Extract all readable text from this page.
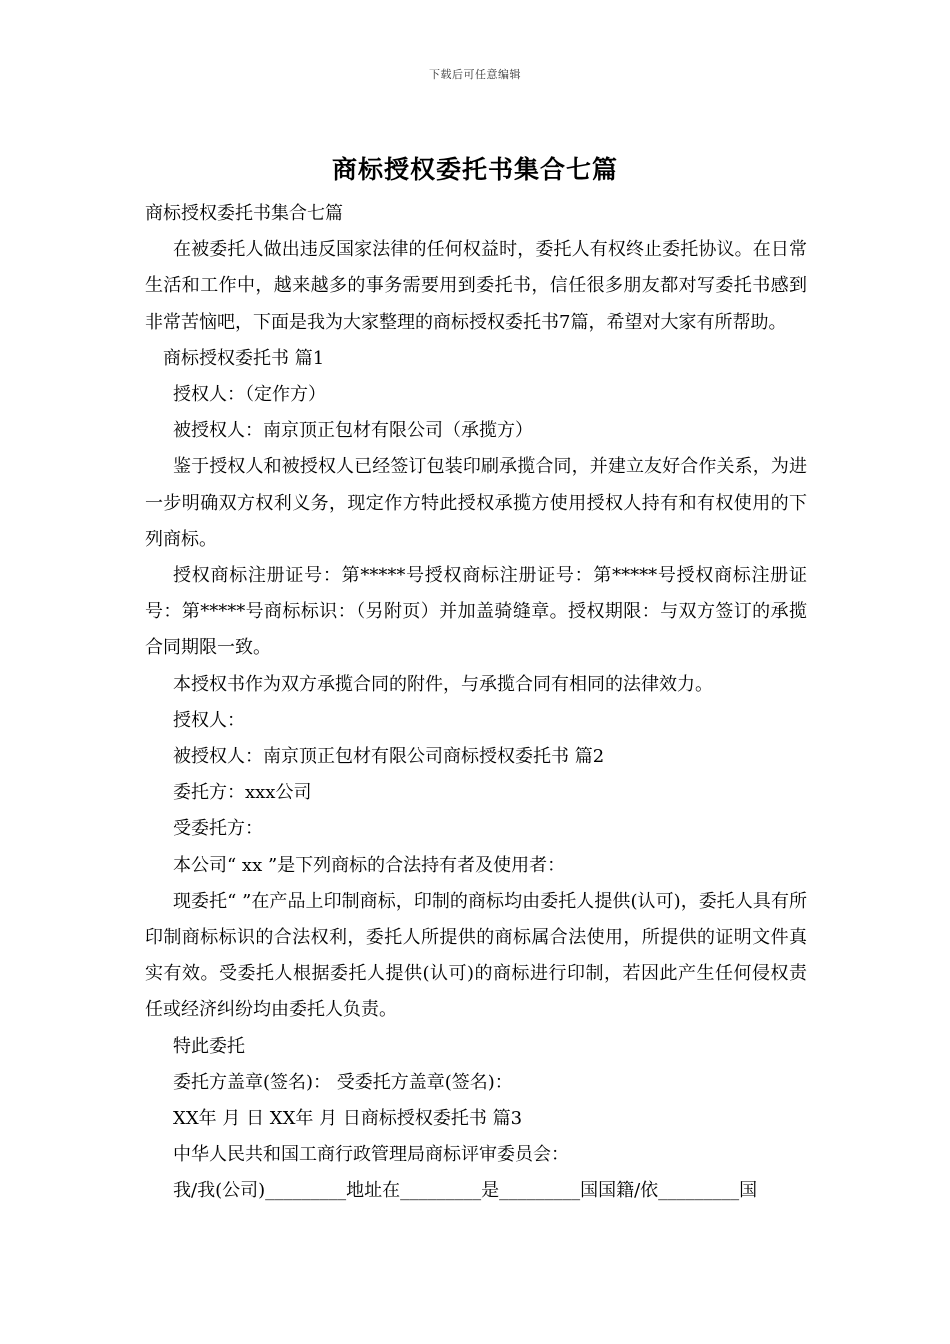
下载后可任意编辑
商标授权委托书集合七篇

商标授权委托书集合七篇

在被委托人做出违反国家法律的任何权益时，委托人有权终止委托协议。在日常生活和工作中，越来越多的事务需要用到委托书，信任很多朋友都对写委托书感到非常苦恼吧，下面是我为大家整理的商标授权委托书7篇，希望对大家有所帮助。

商标授权委托书 篇1

授权人：（定作方）

被授权人：南京顶正包材有限公司（承揽方）

鉴于授权人和被授权人已经签订包装印刷承揽合同，并建立友好合作关系，为进一步明确双方权利义务，现定作方特此授权承揽方使用授权人持有和有权使用的下列商标。

授权商标注册证号：第*****号授权商标注册证号：第*****号授权商标注册证号：第*****号商标标识：（另附页）并加盖骑缝章。授权期限：与双方签订的承揽合同期限一致。

本授权书作为双方承揽合同的附件，与承揽合同有相同的法律效力。

授权人：

被授权人：南京顶正包材有限公司商标授权委托书 篇2

委托方：xxx公司

受委托方：

本公司“ xx ”是下列商标的合法持有者及使用者：

现委托“ ”在产品上印制商标，印制的商标均由委托人提供(认可)，委托人具有所印制商标标识的合法权利，委托人所提供的商标属合法使用，所提供的证明文件真实有效。受委托人根据委托人提供(认可)的商标进行印制，若因此产生任何侵权责任或经济纠纷均由委托人负责。

特此委托

委托方盖章(签名)： 受委托方盖章(签名)：

XX年 月 日 XX年 月 日商标授权委托书 篇3

中华人民共和国工商行政管理局商标评审委员会：

我/我(公司)_________地址在_________是_________国国籍/依_________国
